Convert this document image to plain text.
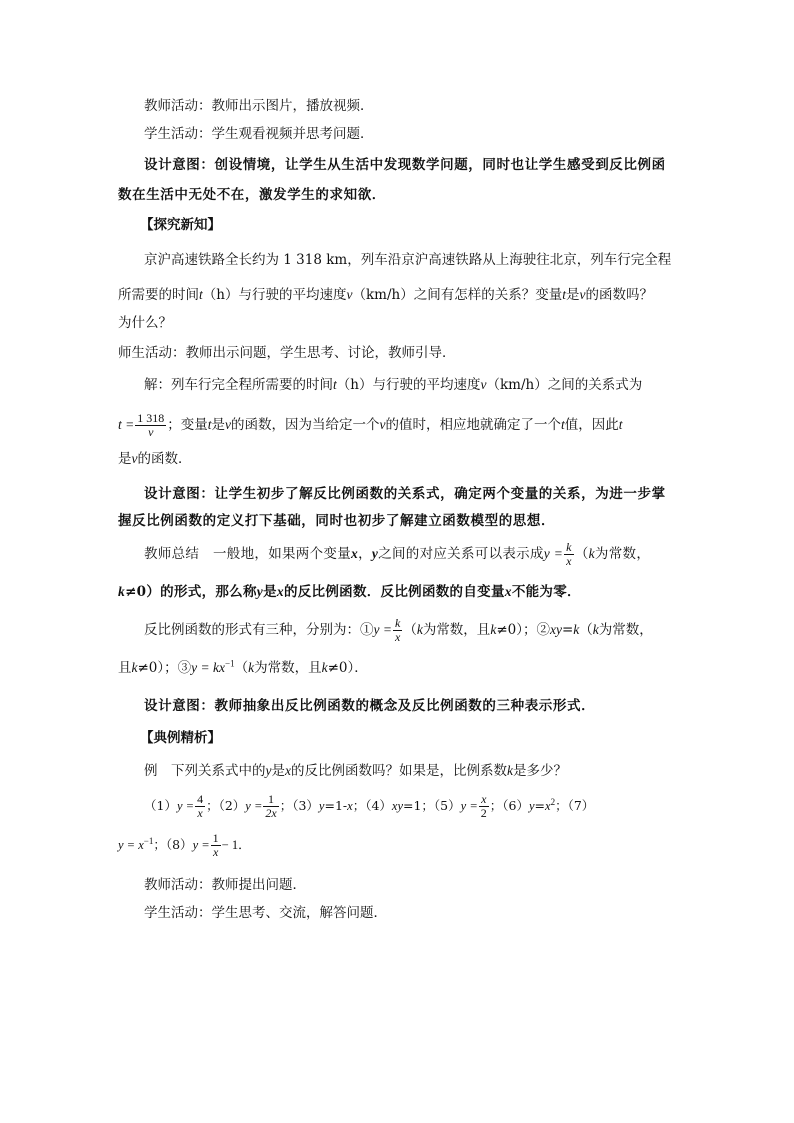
教师活动：教师出示图片，播放视频．
学生活动：学生观看视频并思考问题．
设计意图：创设情境，让学生从生活中发现数学问题，同时也让学生感受到反比例函
数在生活中无处不在，激发学生的求知欲．
【探究新知】
京沪高速铁路全长约为 1 318 km，列车沿京沪高速铁路从上海驶往北京，列车行完全程
所需要的时间t（h）与行驶的平均速度v（km/h）之间有怎样的关系？变量t是v的函数吗？
为什么？
师生活动：教师出示问题，学生思考、讨论，教师引导．
解：列车行完全程所需要的时间t（h）与行驶的平均速度v（km/h）之间的关系式为
$t = \frac{1 318}{v}$ ；变量t是v的函数，因为当给定一个v的值时，相应地就确定了一个t值，因此t
是v的函数．
设计意图：让学生初步了解反比例函数的关系式，确定两个变量的关系，为进一步掌
握反比例函数的定义打下基础，同时也初步了解建立函数模型的思想．
教师总结　一般地，如果两个变量x，y之间的对应关系可以表示成$y = \frac{k}{x} (k$为常数，
k≠0）的形式，那么称y是x的反比例函数．反比例函数的自变量x不能为零．
反比例函数的形式有三种，分别为：①y = $\frac{k}{x} (k$为常数，且k≠0）；②xy=k（k为常数，
且k≠0）；③y = $kx^{-1}(k$为常数，且k≠0）．
设计意图：教师抽象出反比例函数的概念及反比例函数的三种表示形式．
【典例精析】
例　下列关系式中的y是x的反比例函数吗？如果是，比例系数k是多少？
$(1)y = \frac{4}{x}$ ；$(2)y = \frac{1}{2x}$ ；（3）y=1-x；（4）xy=1；$(5)y = \frac{x}{2}$ ；$(6)y=x^2$；（7）
$y = x^{-1}$；$(8)y = \frac{1}{x} - 1$．
教师活动：教师提出问题．
学生活动：学生思考、交流，解答问题．
